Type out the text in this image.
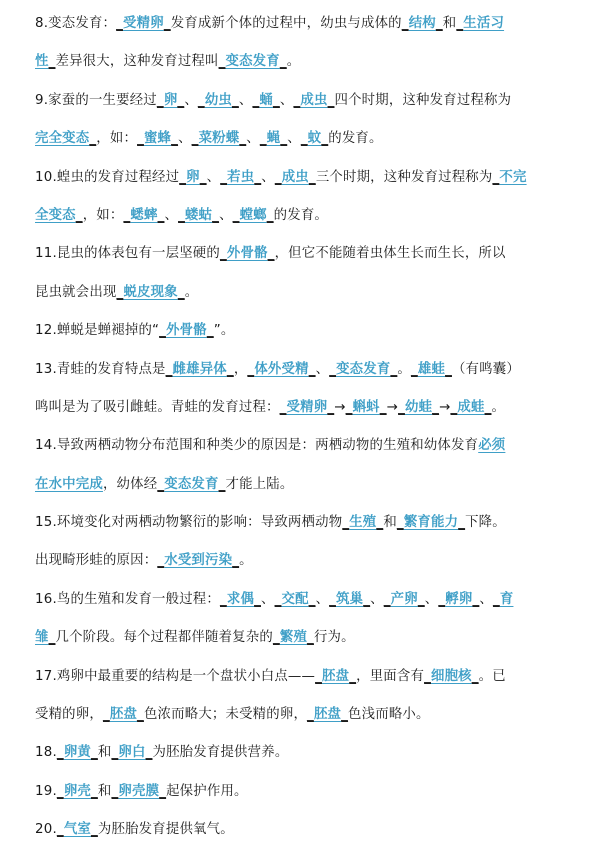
8.变态发育：_受精卵_发育成新个体的过程中，幼虫与成体的_结构_和_生活习
性_差异很大，这种发育过程叫_变态发育_。
9.家蚕的一生要经过_卵_、_幼虫_、_蛹_、_成虫_四个时期，这种发育过程称为
完全变态_，如：_蜜蜂_、_菜粉蝶_、_蝇_、_蚊_的发育。
10.蝗虫的发育过程经过_卵_、_若虫_、_成虫_三个时期，这种发育过程称为_不完
全变态_，如：_蟋蟀_、_蝼蛄_、_螳螂_的发育。
11.昆虫的体表包有一层坚硬的_外骨骼_，但它不能随着虫体生长而生长，所以
昆虫就会出现_蜕皮现象_。
12.蝉蜕是蝉褪掉的“_外骨骼_”。
13.青蛙的发育特点是_雌雄异体_，_体外受精_、_变态发育_。_雄蛙_（有鸣囊）
鸣叫是为了吸引雌蛙。青蛙的发育过程：_受精卵_→_蝌蚪_→_幼蛙_→_成蛙_。
14.导致两栖动物分布范围和种类少的原因是：两栖动物的生殖和幼体发育必须
在水中完成，幼体经_变态发育_才能上陆。
15.环境变化对两栖动物繁衍的影响：导致两栖动物_生殖_和_繁育能力_下降。
出现畸形蛙的原因：_水受到污染_。
16.鸟的生殖和发育一般过程：_求偶_、_交配_、_筑巢_、_产卵_、_孵卵_、_育
雏_几个阶段。每个过程都伴随着复杂的_繁殖_行为。
17.鸡卵中最重要的结构是一个盘状小白点——_胚盘_，里面含有_细胞核_。已
受精的卵，_胚盘_色浓而略大；未受精的卵，_胚盘_色浅而略小。
18._卵黄_和_卵白_为胚胎发育提供营养。
19._卵壳_和_卵壳膜_起保护作用。
20._气室_为胚胎发育提供氧气。
